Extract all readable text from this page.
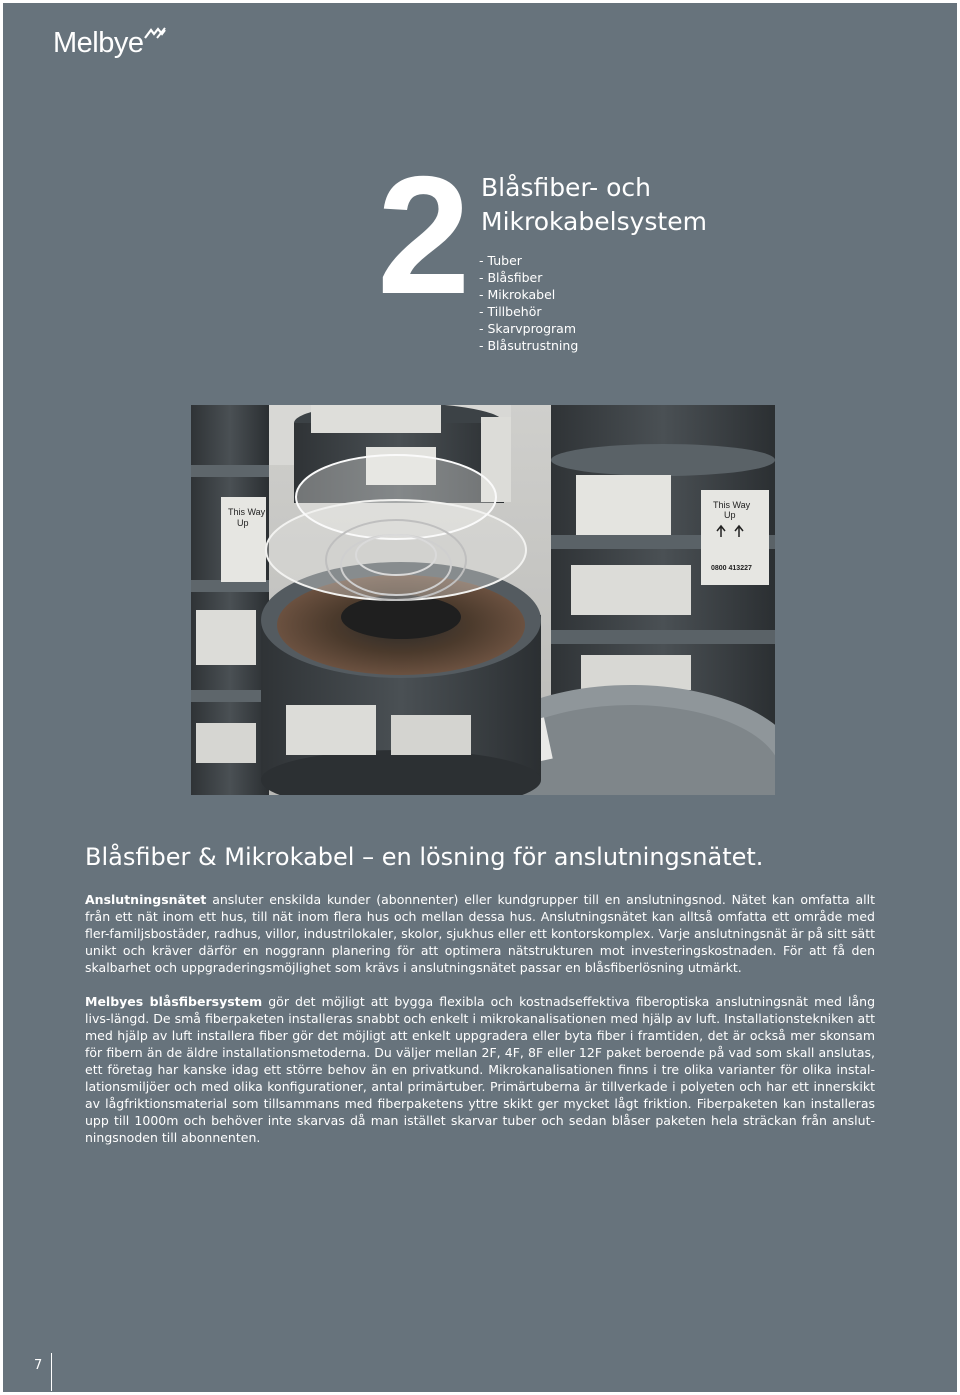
Melbye
2 Blåsfiber- och
Mikrokabelsystem
- Tuber
- Blåsfiber
- Mikrokabel
- Tillbehör
- Skarvprogram
- Blåsutrustning
This Way
Up
This Way
Up
0800 413227
Blåsfiber & Mikrokabel – en lösning för anslutningsnätet.

Anslutningsnätet ansluter enskilda kunder (abonnenter) eller kundgrupper till en anslutningsnod. Nätet kan omfatta allt från ett nät inom ett hus, till nät inom flera hus och mellan dessa hus. Anslutningsnätet kan alltså omfatta ett område med fler-familjsbostäder, radhus, villor, industrilokaler, skolor, sjukhus eller ett kontorskomplex. Varje anslutningsnät är på sitt sätt unikt och kräver därför en noggrann planering för att optimera nätstrukturen mot investeringskostnaden. För att få den skalbarhet och uppgraderingsmöjlighet som krävs i anslutningsnätet passar en blåsfiberlösning utmärkt.

Melbyes blåsfibersystem gör det möjligt att bygga flexibla och kostnadseffektiva fiberoptiska anslutningsnät med lång livs-längd. De små fiberpaketen installeras snabbt och enkelt i mikrokanalisationen med hjälp av luft. Installationstekniken att med hjälp av luft installera fiber gör det möjligt att enkelt uppgradera eller byta fiber i framtiden, det är också mer skonsam för fibern än de äldre installationsmetoderna. Du väljer mellan 2F, 4F, 8F eller 12F paket beroende på vad som skall anslutas, ett företag har kanske idag ett större behov än en privatkund. Mikrokanalisationen finns i tre olika varianter för olika instal-lationsmiljöer och med olika konfigurationer, antal primärtuber. Primärtuberna är tillverkade i polyeten och har ett innerskikt av lågfriktionsmaterial som tillsammans med fiberpaketens yttre skikt ger mycket lågt friktion. Fiberpaketen kan installeras upp till 1000m och behöver inte skarvas då man istället skarvar tuber och sedan blåser paketen hela sträckan från anslut-ningsnoden till abonnenten.

7
